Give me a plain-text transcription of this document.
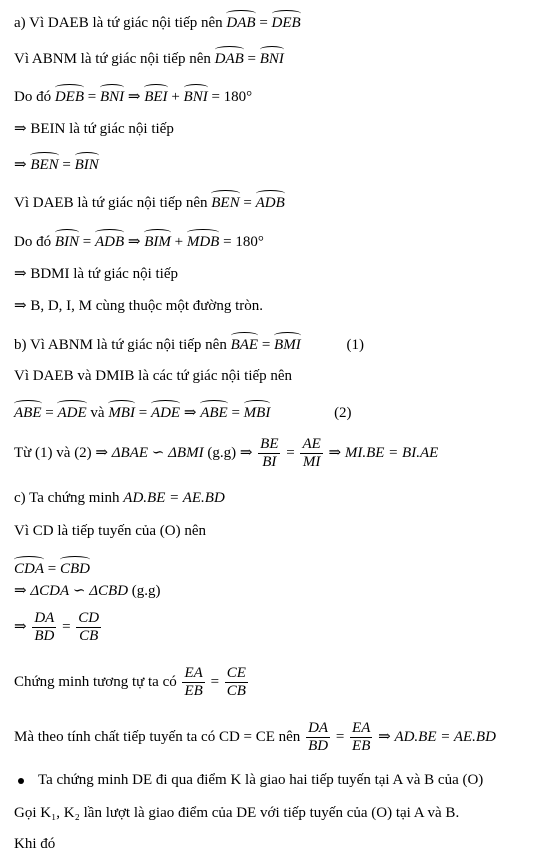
a) Vì DAEB là tứ giác nội tiếp nên DAB = DEB
Vì ABNM là tứ giác nội tiếp nên DAB = BNI
Do đó DEB = BNI ⇒ BEI + BNI = 180°
⇒ BEIN là tứ giác nội tiếp
⇒ BEN = BIN
Vì DAEB là tứ giác nội tiếp nên BEN = ADB
Do đó BIN = ADB ⇒ BIM + MDB = 180°
⇒ BDMI là tứ giác nội tiếp
⇒ B, D, I, M cùng thuộc một đường tròn.
b) Vì ABNM là tứ giác nội tiếp nên BAE = BMI	(1)
Vì DAEB và DMIB là các tứ giác nội tiếp nên
ABE = ADE và MBI = ADE ⇒ ABE = MBI	(2)
Từ (1) và (2) ⇒ ΔBAE ∽ ΔBMI (g.g) ⇒ $\frac{BE}{BI} = \frac{AE}{MI}$ ⇒ MI.BE = BI.AE
c) Ta chứng minh AD.BE = AE.BD
Vì CD là tiếp tuyến của (O) nên
CDA = CBD
⇒ ΔCDA ∽ ΔCBD (g.g)
⇒ $\frac{DA}{BD} = \frac{CD}{CB}$
Chứng minh tương tự ta có $\frac{EA}{EB} = \frac{CE}{CB}$
Mà theo tính chất tiếp tuyến ta có CD = CE nên $\frac{DA}{BD} = \frac{EA}{EB}$ ⇒ AD.BE = AE.BD
Ta chứng minh DE đi qua điểm K là giao hai tiếp tuyến tại A và B của (O)
Gọi K₁, K₂ lần lượt là giao điểm của DE với tiếp tuyến của (O) tại A và B.
Khi đó
